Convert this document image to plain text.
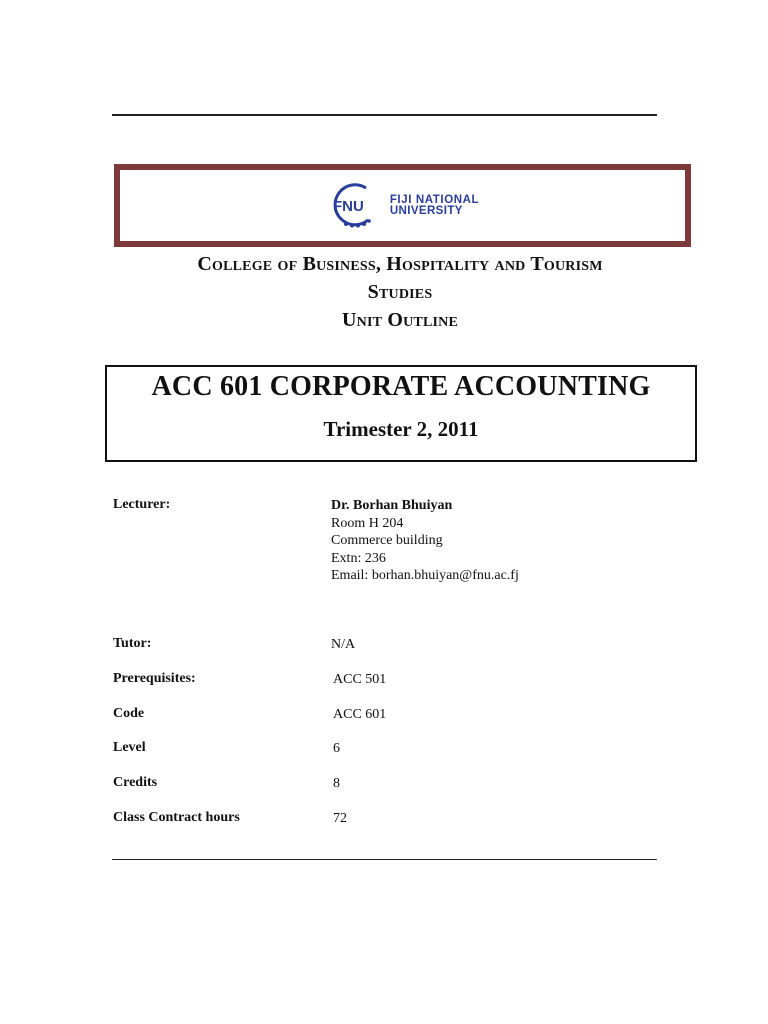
FNU FIJI NATIONAL
UNIVERSITY
College of Business, Hospitality and Tourism
Studies
Unit Outline
ACC 601 CORPORATE ACCOUNTING
Trimester 2, 2011
Lecturer:	Dr. Borhan Bhuiyan
Room H 204
Commerce building
Extn: 236
Email: borhan.bhuiyan@fnu.ac.fj
Tutor:	N/A
Prerequisites:	ACC 501
Code	ACC 601
Level	6
Credits	8
Class Contract hours	72
